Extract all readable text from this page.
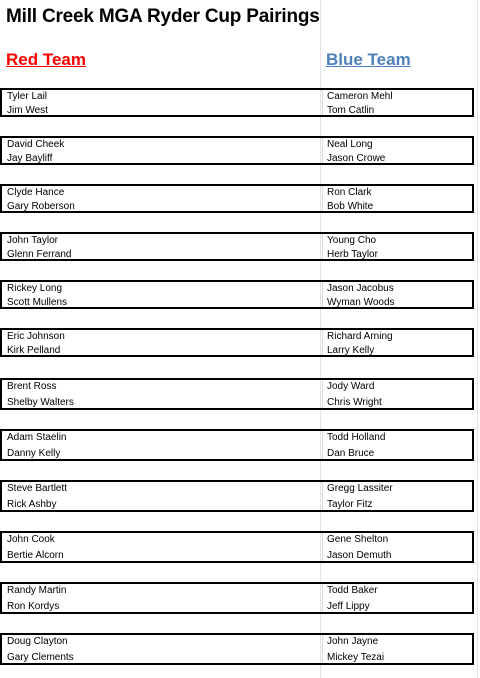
Mill Creek MGA Ryder Cup Pairings
Red Team	Blue Team
Tyler Lail
Jim West
Cameron Mehl
Tom Catlin
David Cheek
Jay Bayliff
Neal Long
Jason Crowe
Clyde Hance
Gary Roberson
Ron Clark
Bob White
John Taylor
Glenn Ferrand
Young Cho
Herb Taylor
Rickey Long
Scott Mullens
Jason Jacobus
Wyman Woods
Eric Johnson
Kirk Pelland
Richard Arning
Larry Kelly
Brent Ross
Shelby Walters
Jody Ward
Chris Wright
Adam Staelin
Danny Kelly
Todd Holland
Dan Bruce
Steve Bartlett
Rick Ashby
Gregg Lassiter
Taylor Fitz
John Cook
Bertie Alcorn
Gene Shelton
Jason Demuth
Randy Martin
Ron Kordys
Todd Baker
Jeff Lippy
Doug Clayton
Gary Clements
John Jayne
Mickey Tezai
